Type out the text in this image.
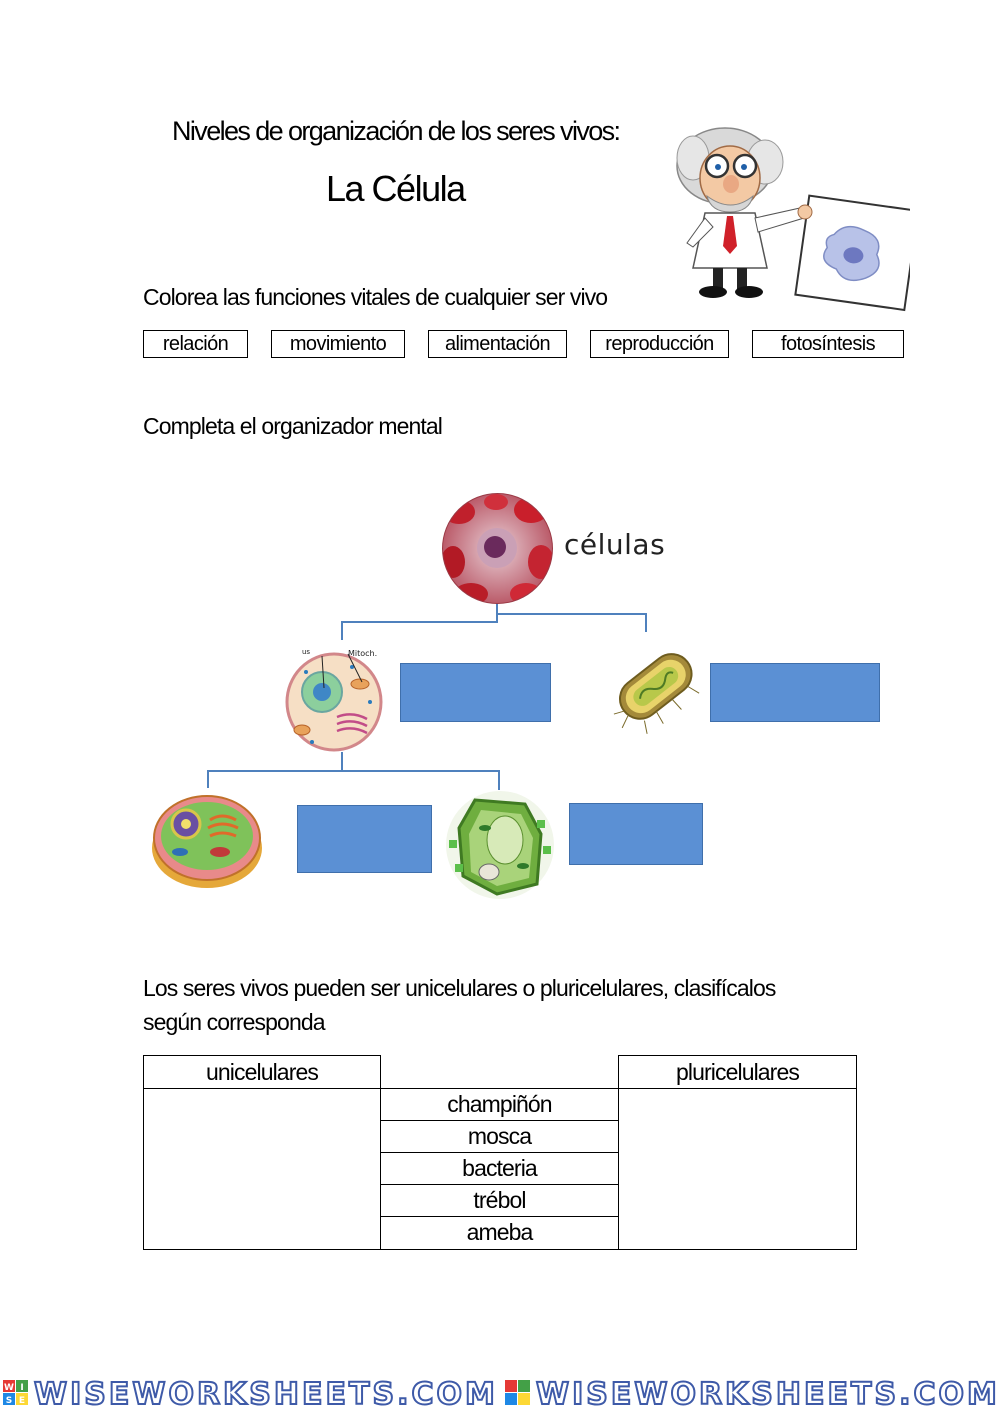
Niveles de organización de los seres vivos:
La Célula
Colorea las funciones vitales de cualquier ser vivo
relación	movimiento	alimentación	reproducción	fotosíntesis
Completa el organizador mental
células
us	Mitoch.
Los seres vivos pueden ser unicelulares o pluricelulares, clasifícalos
según corresponda
unicelulares	pluricelulares
champiñón
mosca
bacteria
trébol
ameba
W I
S E WISEWORKSHEETS.COM WISEWORKSHEETS.COM
